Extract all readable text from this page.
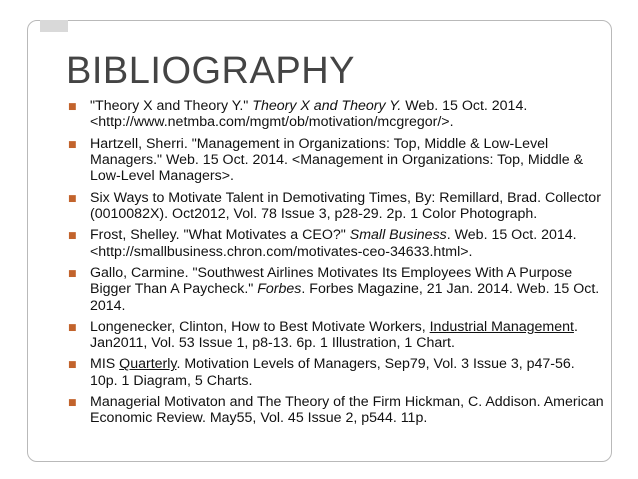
BIBLIOGRAPHY
■ "Theory X and Theory Y." Theory X and Theory Y. Web. 15 Oct. 2014. <http://www.netmba.com/mgmt/ob/motivation/mcgregor/>.
■ Hartzell, Sherri. "Management in Organizations: Top, Middle & Low-Level Managers." Web. 15 Oct. 2014. <Management in Organizations: Top, Middle & Low-Level Managers>.
■ Six Ways to Motivate Talent in Demotivating Times, By: Remillard, Brad. Collector (0010082X). Oct2012, Vol. 78 Issue 3, p28-29. 2p. 1 Color Photograph.
■ Frost, Shelley. "What Motivates a CEO?" Small Business. Web. 15 Oct. 2014. <http://smallbusiness.chron.com/motivates-ceo-34633.html>.
■ Gallo, Carmine. "Southwest Airlines Motivates Its Employees With A Purpose Bigger Than A Paycheck." Forbes. Forbes Magazine, 21 Jan. 2014. Web. 15 Oct. 2014.
■ Longenecker, Clinton, How to Best Motivate Workers, Industrial Management. Jan2011, Vol. 53 Issue 1, p8-13. 6p. 1 Illustration, 1 Chart.
■ MIS Quarterly. Motivation Levels of Managers, Sep79, Vol. 3 Issue 3, p47-56. 10p. 1 Diagram, 5 Charts.
■ Managerial Motivaton and The Theory of the Firm Hickman, C. Addison. American Economic Review. May55, Vol. 45 Issue 2, p544. 11p.
